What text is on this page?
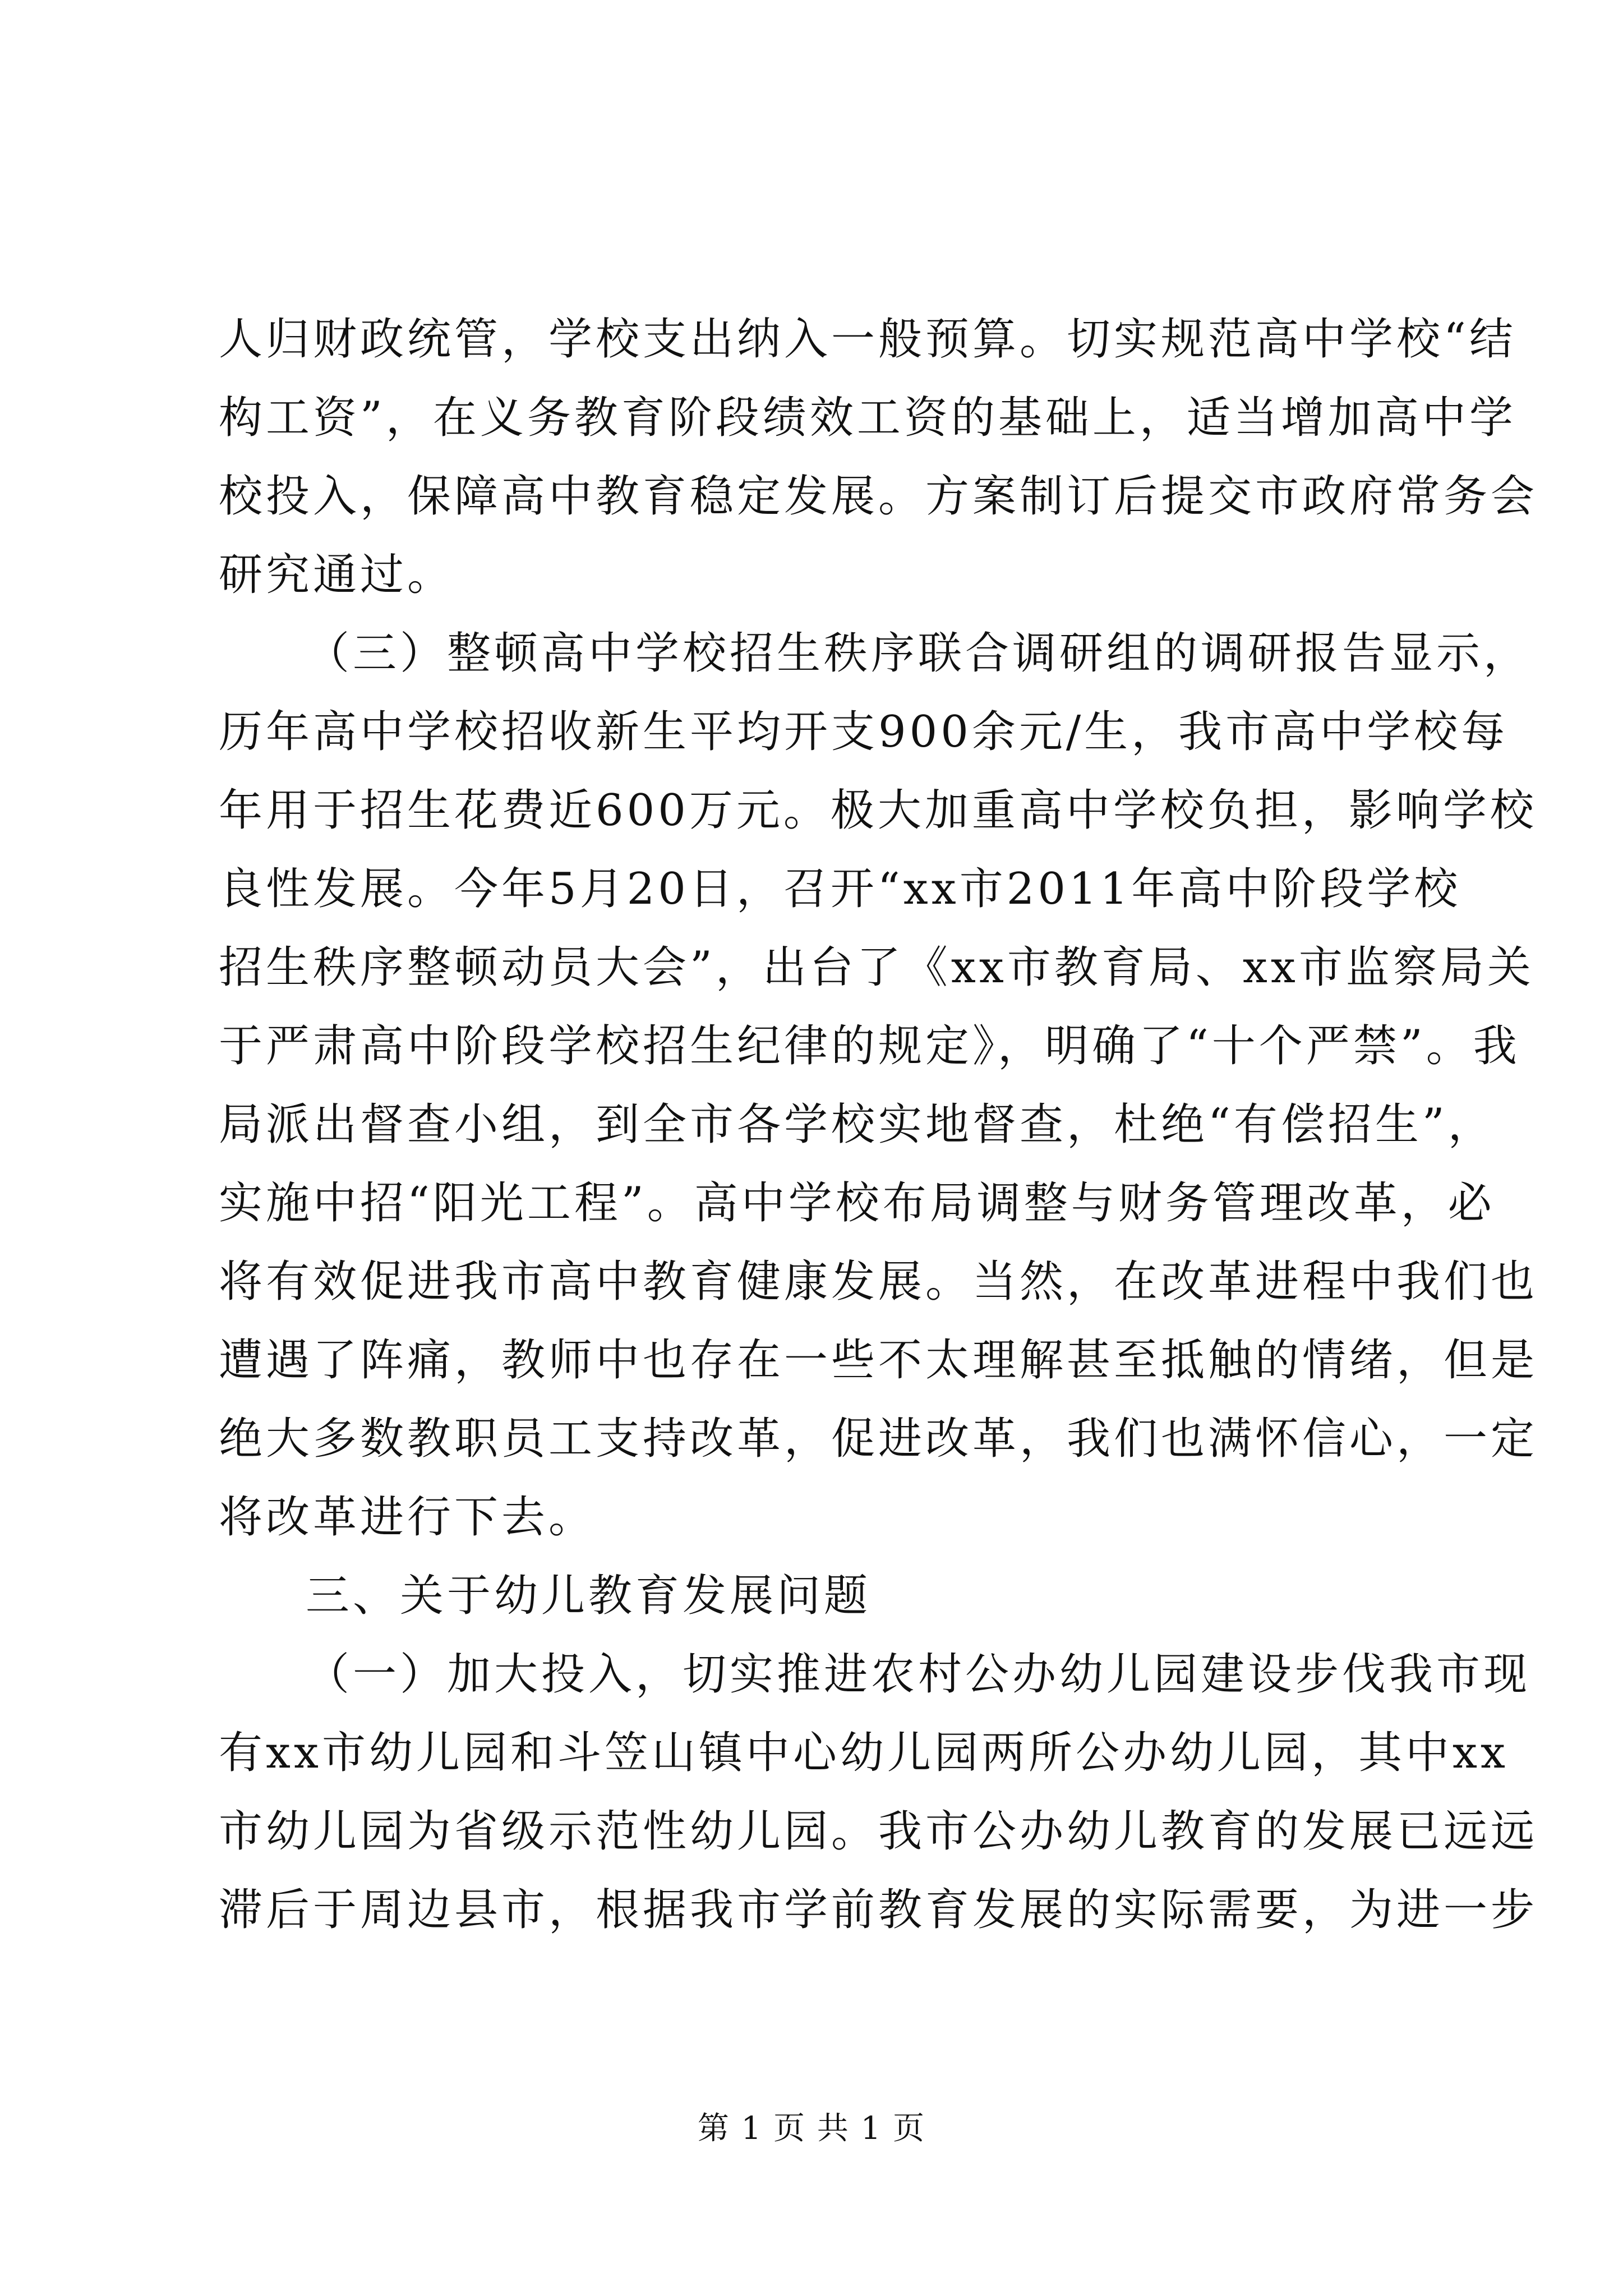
人归财政统管，学校支出纳入一般预算。切实规范高中学校“结
构工资”，在义务教育阶段绩效工资的基础上，适当增加高中学
校投入，保障高中教育稳定发展。方案制订后提交市政府常务会
研究通过。
（三）整顿高中学校招生秩序联合调研组的调研报告显示，
历年高中学校招收新生平均开支900余元/生，我市高中学校每
年用于招生花费近600万元。极大加重高中学校负担，影响学校
良性发展。今年5月20日，召开“xx市2011年高中阶段学校
招生秩序整顿动员大会”，出台了《xx市教育局、xx市监察局关
于严肃高中阶段学校招生纪律的规定》，明确了“十个严禁”。我
局派出督查小组，到全市各学校实地督查，杜绝“有偿招生”，
实施中招“阳光工程”。高中学校布局调整与财务管理改革，必
将有效促进我市高中教育健康发展。当然，在改革进程中我们也
遭遇了阵痛，教师中也存在一些不太理解甚至抵触的情绪，但是
绝大多数教职员工支持改革，促进改革，我们也满怀信心，一定
将改革进行下去。
三、关于幼儿教育发展问题
（一）加大投入，切实推进农村公办幼儿园建设步伐我市现
有xx市幼儿园和斗笠山镇中心幼儿园两所公办幼儿园，其中xx
市幼儿园为省级示范性幼儿园。我市公办幼儿教育的发展已远远
滞后于周边县市，根据我市学前教育发展的实际需要，为进一步
第 1 页 共 1 页
